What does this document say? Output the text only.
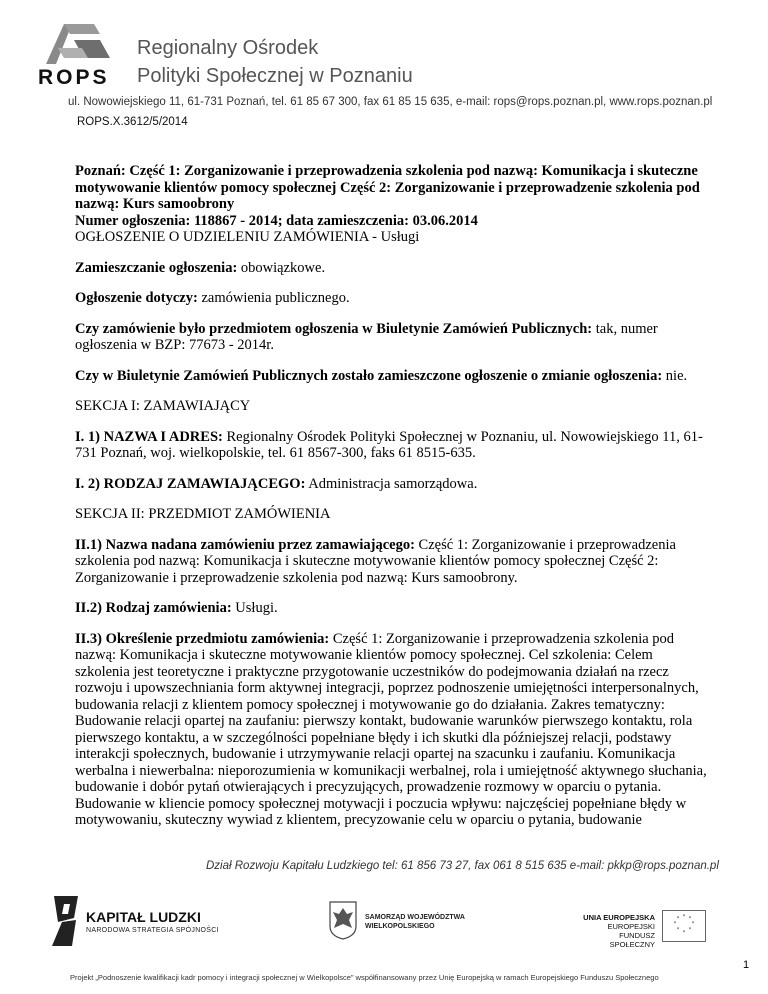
ROPS
Regionalny Ośrodek
Polityki Społecznej w Poznaniu
ul. Nowowiejskiego 11, 61-731 Poznań, tel. 61 85 67 300, fax 61 85 15 635, e-mail: rops@rops.poznan.pl, www.rops.poznan.pl
ROPS.X.3612/5/2014

Poznań: Część 1: Zorganizowanie i przeprowadzenia szkolenia pod nazwą: Komunikacja i skuteczne motywowanie klientów pomocy społecznej Część 2: Zorganizowanie i przeprowadzenie szkolenia pod nazwą: Kurs samoobrony
Numer ogłoszenia: 118867 - 2014; data zamieszczenia: 03.06.2014
OGŁOSZENIE O UDZIELENIU ZAMÓWIENIA - Usługi

Zamieszczanie ogłoszenia: obowiązkowe.

Ogłoszenie dotyczy: zamówienia publicznego.

Czy zamówienie było przedmiotem ogłoszenia w Biuletynie Zamówień Publicznych: tak, numer ogłoszenia w BZP: 77673 - 2014r.

Czy w Biuletynie Zamówień Publicznych zostało zamieszczone ogłoszenie o zmianie ogłoszenia: nie.

SEKCJA I: ZAMAWIAJĄCY

I. 1) NAZWA I ADRES: Regionalny Ośrodek Polityki Społecznej w Poznaniu, ul. Nowowiejskiego 11, 61-731 Poznań, woj. wielkopolskie, tel. 61 8567-300, faks 61 8515-635.

I. 2) RODZAJ ZAMAWIAJĄCEGO: Administracja samorządowa.

SEKCJA II: PRZEDMIOT ZAMÓWIENIA

II.1) Nazwa nadana zamówieniu przez zamawiającego: Część 1: Zorganizowanie i przeprowadzenia szkolenia pod nazwą: Komunikacja i skuteczne motywowanie klientów pomocy społecznej Część 2: Zorganizowanie i przeprowadzenie szkolenia pod nazwą: Kurs samoobrony.

II.2) Rodzaj zamówienia: Usługi.

II.3) Określenie przedmiotu zamówienia: Część 1: Zorganizowanie i przeprowadzenia szkolenia pod nazwą: Komunikacja i skuteczne motywowanie klientów pomocy społecznej. Cel szkolenia: Celem szkolenia jest teoretyczne i praktyczne przygotowanie uczestników do podejmowania działań na rzecz rozwoju i upowszechniania form aktywnej integracji, poprzez podnoszenie umiejętności interpersonalnych, budowania relacji z klientem pomocy społecznej i motywowanie go do działania. Zakres tematyczny: Budowanie relacji opartej na zaufaniu: pierwszy kontakt, budowanie warunków pierwszego kontaktu, rola pierwszego kontaktu, a w szczególności popełniane błędy i ich skutki dla późniejszej relacji, podstawy interakcji społecznych, budowanie i utrzymywanie relacji opartej na szacunku i zaufaniu. Komunikacja werbalna i niewerbalna: nieporozumienia w komunikacji werbalnej, rola i umiejętność aktywnego słuchania, budowanie i dobór pytań otwierających i precyzujących, prowadzenie rozmowy w oparciu o pytania. Budowanie w kliencie pomocy społecznej motywacji i poczucia wpływu: najczęściej popełniane błędy w motywowaniu, skuteczny wywiad z klientem, precyzowanie celu w oparciu o pytania, budowanie

Dział Rozwoju Kapitału Ludzkiego tel: 61 856 73 27, fax 061 8 515 635 e-mail: pkkp@rops.poznan.pl
KAPITAŁ LUDZKI
NARODOWA STRATEGIA SPÓJNOŚCI
SAMORZĄD WOJEWÓDZTWA
WIELKOPOLSKIEGO
UNIA EUROPEJSKA
EUROPEJSKI
FUNDUSZ SPOŁECZNY
* *
*
*
*
*
*
*
Projekt „Podnoszenie kwalifikacji kadr pomocy i integracji społecznej w Wielkopolsce” współfinansowany przez Unię Europejską w ramach Europejskiego Funduszu Społecznego
1
